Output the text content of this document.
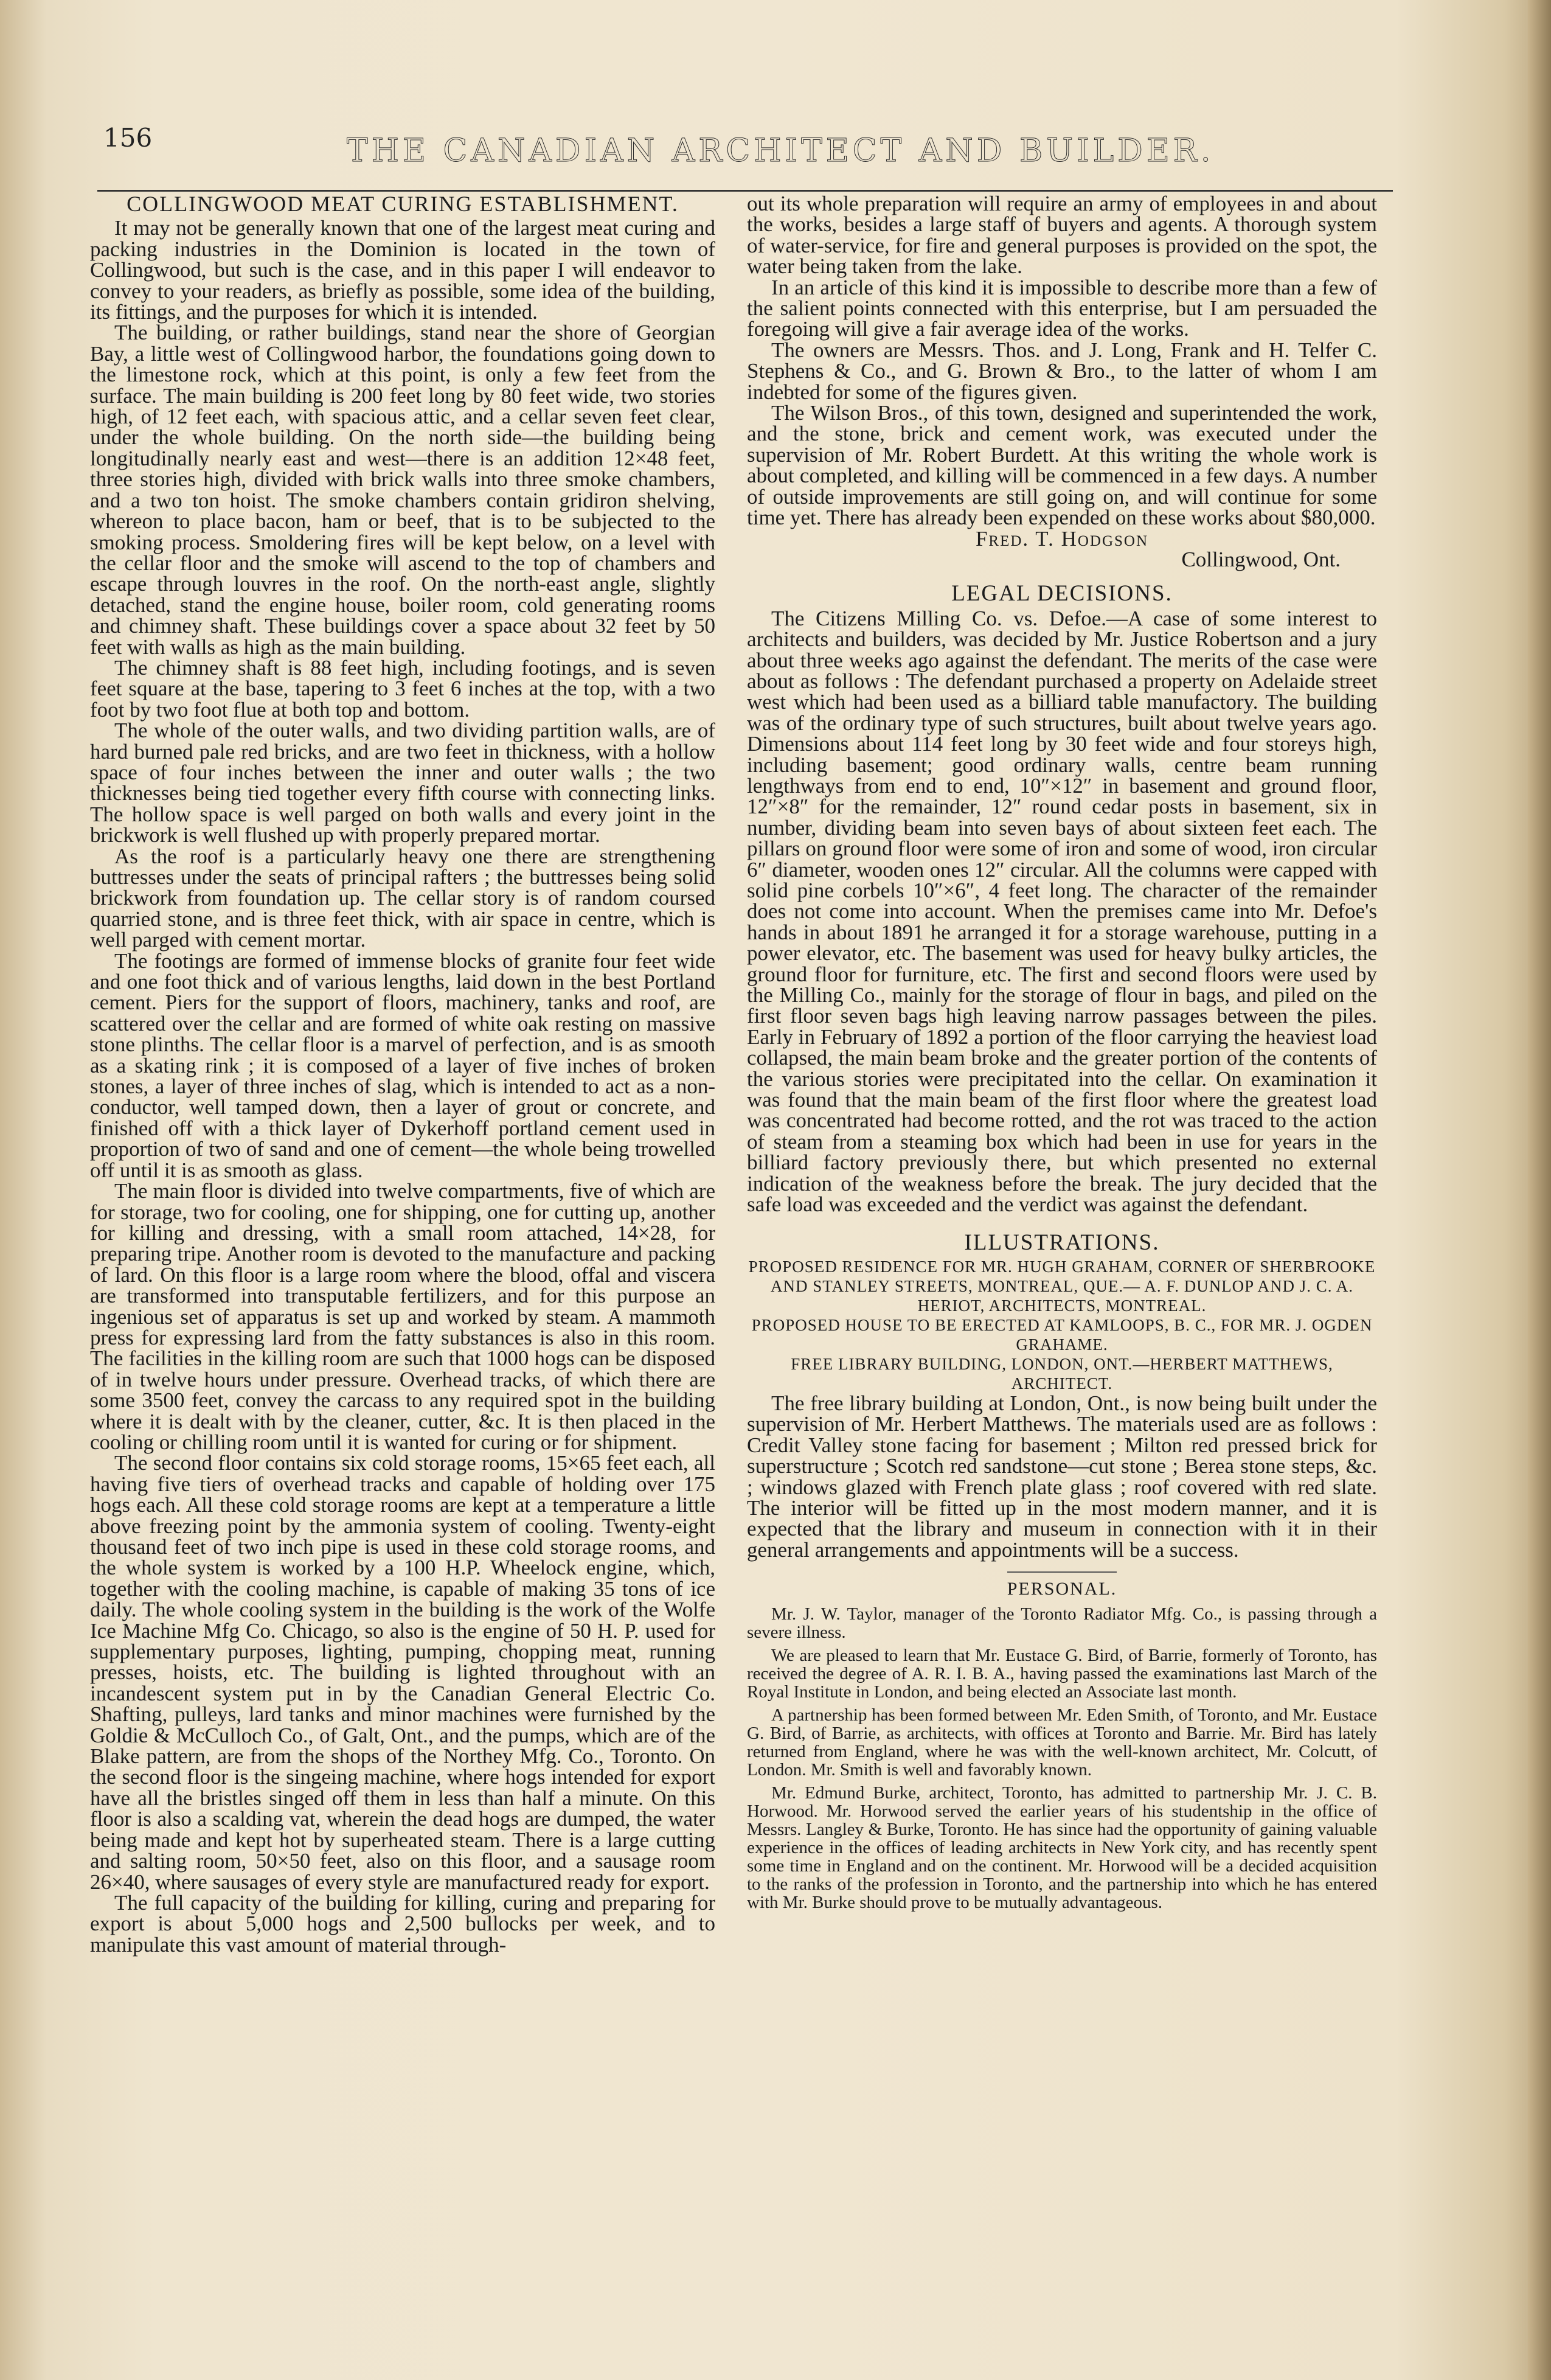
156	THE CANADIAN ARCHITECT AND BUILDER.
COLLINGWOOD MEAT CURING ESTABLISHMENT.

It may not be generally known that one of the largest meat curing and packing industries in the Dominion is located in the town of Collingwood, but such is the case, and in this paper I will endeavor to convey to your readers, as briefly as possible, some idea of the building, its fittings, and the purposes for which it is intended.

The building, or rather buildings, stand near the shore of Georgian Bay, a little west of Collingwood harbor, the foundations going down to the limestone rock, which at this point, is only a few feet from the surface. The main building is 200 feet long by 80 feet wide, two stories high, of 12 feet each, with spacious attic, and a cellar seven feet clear, under the whole building. On the north side—the building being longitudinally nearly east and west—there is an addition 12×48 feet, three stories high, divided with brick walls into three smoke chambers, and a two ton hoist. The smoke chambers contain gridiron shelving, whereon to place bacon, ham or beef, that is to be subjected to the smoking process. Smoldering fires will be kept below, on a level with the cellar floor and the smoke will ascend to the top of chambers and escape through louvres in the roof. On the north-east angle, slightly detached, stand the engine house, boiler room, cold generating rooms and chimney shaft. These buildings cover a space about 32 feet by 50 feet with walls as high as the main building.

The chimney shaft is 88 feet high, including footings, and is seven feet square at the base, tapering to 3 feet 6 inches at the top, with a two foot by two foot flue at both top and bottom.

The whole of the outer walls, and two dividing partition walls, are of hard burned pale red bricks, and are two feet in thickness, with a hollow space of four inches between the inner and outer walls ; the two thicknesses being tied together every fifth course with connecting links. The hollow space is well parged on both walls and every joint in the brickwork is well flushed up with properly prepared mortar.

As the roof is a particularly heavy one there are strengthening buttresses under the seats of principal rafters ; the buttresses being solid brickwork from foundation up. The cellar story is of random coursed quarried stone, and is three feet thick, with air space in centre, which is well parged with cement mortar.

The footings are formed of immense blocks of granite four feet wide and one foot thick and of various lengths, laid down in the best Portland cement. Piers for the support of floors, machinery, tanks and roof, are scattered over the cellar and are formed of white oak resting on massive stone plinths. The cellar floor is a marvel of perfection, and is as smooth as a skating rink ; it is composed of a layer of five inches of broken stones, a layer of three inches of slag, which is intended to act as a non-conductor, well tamped down, then a layer of grout or concrete, and finished off with a thick layer of Dykerhoff portland cement used in proportion of two of sand and one of cement—the whole being trowelled off until it is as smooth as glass.

The main floor is divided into twelve compartments, five of which are for storage, two for cooling, one for shipping, one for cutting up, another for killing and dressing, with a small room attached, 14×28, for preparing tripe. Another room is devoted to the manufacture and packing of lard. On this floor is a large room where the blood, offal and viscera are transformed into transputable fertilizers, and for this purpose an ingenious set of apparatus is set up and worked by steam. A mammoth press for expressing lard from the fatty substances is also in this room. The facilities in the killing room are such that 1000 hogs can be disposed of in twelve hours under pressure. Overhead tracks, of which there are some 3500 feet, convey the carcass to any required spot in the building where it is dealt with by the cleaner, cutter, &c. It is then placed in the cooling or chilling room until it is wanted for curing or for shipment.

The second floor contains six cold storage rooms, 15×65 feet each, all having five tiers of overhead tracks and capable of holding over 175 hogs each. All these cold storage rooms are kept at a temperature a little above freezing point by the ammonia system of cooling. Twenty-eight thousand feet of two inch pipe is used in these cold storage rooms, and the whole system is worked by a 100 H.P. Wheelock engine, which, together with the cooling machine, is capable of making 35 tons of ice daily. The whole cooling system in the building is the work of the Wolfe Ice Machine Mfg Co. Chicago, so also is the engine of 50 H. P. used for supplementary purposes, lighting, pumping, chopping meat, running presses, hoists, etc. The building is lighted throughout with an incandescent system put in by the Canadian General Electric Co. Shafting, pulleys, lard tanks and minor machines were furnished by the Goldie & McCulloch Co., of Galt, Ont., and the pumps, which are of the Blake pattern, are from the shops of the Northey Mfg. Co., Toronto. On the second floor is the singeing machine, where hogs intended for export have all the bristles singed off them in less than half a minute. On this floor is also a scalding vat, wherein the dead hogs are dumped, the water being made and kept hot by superheated steam. There is a large cutting and salting room, 50×50 feet, also on this floor, and a sausage room 26×40, where sausages of every style are manufactured ready for export.

The full capacity of the building for killing, curing and preparing for export is about 5,000 hogs and 2,500 bullocks per week, and to manipulate this vast amount of material through-

out its whole preparation will require an army of employees in and about the works, besides a large staff of buyers and agents. A thorough system of water-service, for fire and general purposes is provided on the spot, the water being taken from the lake.

In an article of this kind it is impossible to describe more than a few of the salient points connected with this enterprise, but I am persuaded the foregoing will give a fair average idea of the works.

The owners are Messrs. Thos. and J. Long, Frank and H. Telfer C. Stephens & Co., and G. Brown & Bro., to the latter of whom I am indebted for some of the figures given.

The Wilson Bros., of this town, designed and superintended the work, and the stone, brick and cement work, was executed under the supervision of Mr. Robert Burdett. At this writing the whole work is about completed, and killing will be commenced in a few days. A number of outside improvements are still going on, and will continue for some time yet. There has already been expended on these works about $80,000.

Fred. T. Hodgson

Collingwood, Ont.

LEGAL DECISIONS.

The Citizens Milling Co. vs. Defoe.—A case of some interest to architects and builders, was decided by Mr. Justice Robertson and a jury about three weeks ago against the defendant. The merits of the case were about as follows : The defendant purchased a property on Adelaide street west which had been used as a billiard table manufactory. The building was of the ordinary type of such structures, built about twelve years ago. Dimensions about 114 feet long by 30 feet wide and four storeys high, including basement; good ordinary walls, centre beam running lengthways from end to end, 10″×12″ in basement and ground floor, 12″×8″ for the remainder, 12″ round cedar posts in basement, six in number, dividing beam into seven bays of about sixteen feet each. The pillars on ground floor were some of iron and some of wood, iron circular 6″ diameter, wooden ones 12″ circular. All the columns were capped with solid pine corbels 10″×6″, 4 feet long. The character of the remainder does not come into account. When the premises came into Mr. Defoe's hands in about 1891 he arranged it for a storage warehouse, putting in a power elevator, etc. The basement was used for heavy bulky articles, the ground floor for furniture, etc. The first and second floors were used by the Milling Co., mainly for the storage of flour in bags, and piled on the first floor seven bags high leaving narrow passages between the piles. Early in February of 1892 a portion of the floor carrying the heaviest load collapsed, the main beam broke and the greater portion of the contents of the various stories were precipitated into the cellar. On examination it was found that the main beam of the first floor where the greatest load was concentrated had become rotted, and the rot was traced to the action of steam from a steaming box which had been in use for years in the billiard factory previously there, but which presented no external indication of the weakness before the break. The jury decided that the safe load was exceeded and the verdict was against the defendant.

ILLUSTRATIONS.

PROPOSED RESIDENCE FOR MR. HUGH GRAHAM, CORNER OF SHERBROOKE AND STANLEY STREETS, MONTREAL, QUE.— A. F. DUNLOP AND J. C. A. HERIOT, ARCHITECTS, MONTREAL.

PROPOSED HOUSE TO BE ERECTED AT KAMLOOPS, B. C., FOR MR. J. OGDEN GRAHAME.

FREE LIBRARY BUILDING, LONDON, ONT.—HERBERT MATTHEWS, ARCHITECT.

The free library building at London, Ont., is now being built under the supervision of Mr. Herbert Matthews. The materials used are as follows : Credit Valley stone facing for basement ; Milton red pressed brick for superstructure ; Scotch red sandstone—cut stone ; Berea stone steps, &c. ; windows glazed with French plate glass ; roof covered with red slate. The interior will be fitted up in the most modern manner, and it is expected that the library and museum in connection with it in their general arrangements and appointments will be a success.

PERSONAL.

Mr. J. W. Taylor, manager of the Toronto Radiator Mfg. Co., is passing through a severe illness.

We are pleased to learn that Mr. Eustace G. Bird, of Barrie, formerly of Toronto, has received the degree of A. R. I. B. A., having passed the examinations last March of the Royal Institute in London, and being elected an Associate last month.

A partnership has been formed between Mr. Eden Smith, of Toronto, and Mr. Eustace G. Bird, of Barrie, as architects, with offices at Toronto and Barrie. Mr. Bird has lately returned from England, where he was with the well-known architect, Mr. Colcutt, of London. Mr. Smith is well and favorably known.

Mr. Edmund Burke, architect, Toronto, has admitted to partnership Mr. J. C. B. Horwood. Mr. Horwood served the earlier years of his studentship in the office of Messrs. Langley & Burke, Toronto. He has since had the opportunity of gaining valuable experience in the offices of leading architects in New York city, and has recently spent some time in England and on the continent. Mr. Horwood will be a decided acquisition to the ranks of the profession in Toronto, and the partnership into which he has entered with Mr. Burke should prove to be mutually advantageous.
